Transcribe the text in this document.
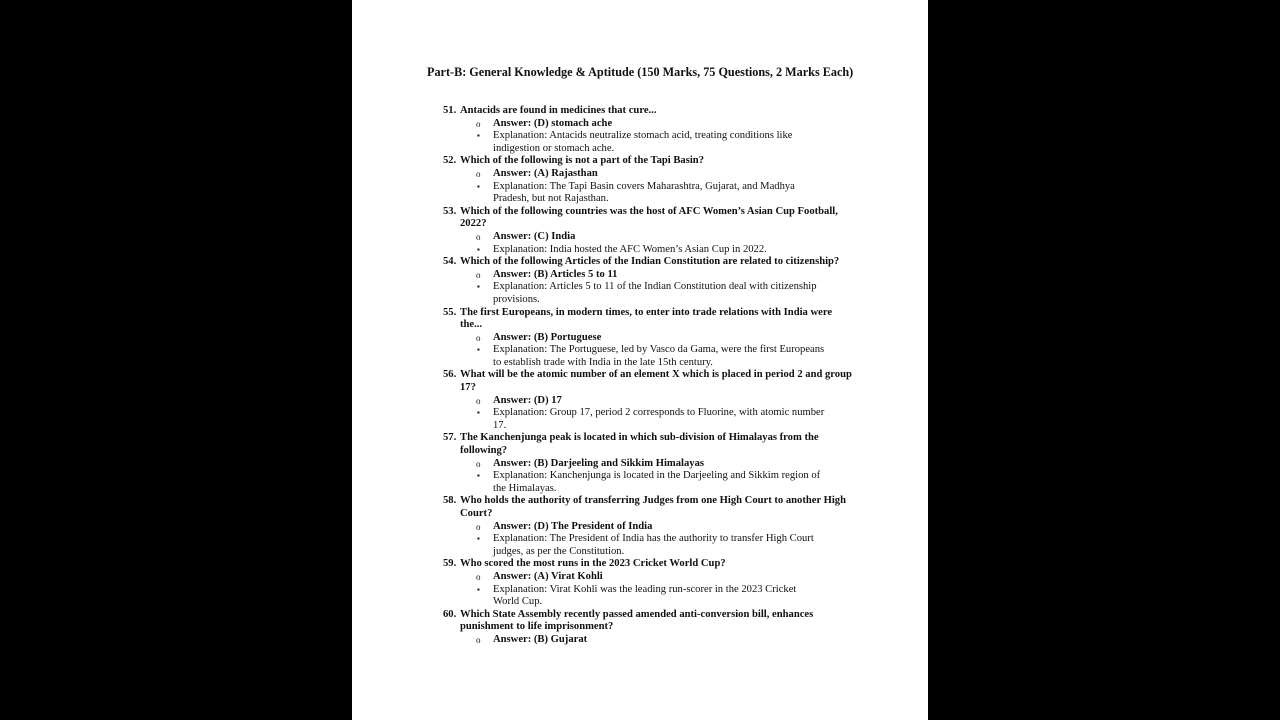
Part-B: General Knowledge & Aptitude (150 Marks, 75 Questions, 2 Marks Each)
51. Antacids are found in medicines that cure...
o Answer: (D) stomach ache
▪ Explanation: Antacids neutralize stomach acid, treating conditions like indigestion or stomach ache.
52. Which of the following is not a part of the Tapi Basin?
o Answer: (A) Rajasthan
▪ Explanation: The Tapi Basin covers Maharashtra, Gujarat, and Madhya Pradesh, but not Rajasthan.
53. Which of the following countries was the host of AFC Women’s Asian Cup Football, 2022?
o Answer: (C) India
▪ Explanation: India hosted the AFC Women’s Asian Cup in 2022.
54. Which of the following Articles of the Indian Constitution are related to citizenship?
o Answer: (B) Articles 5 to 11
▪ Explanation: Articles 5 to 11 of the Indian Constitution deal with citizenship provisions.
55. The first Europeans, in modern times, to enter into trade relations with India were the...
o Answer: (B) Portuguese
▪ Explanation: The Portuguese, led by Vasco da Gama, were the first Europeans to establish trade with India in the late 15th century.
56. What will be the atomic number of an element X which is placed in period 2 and group 17?
o Answer: (D) 17
▪ Explanation: Group 17, period 2 corresponds to Fluorine, with atomic number 17.
57. The Kanchenjunga peak is located in which sub-division of Himalayas from the following?
o Answer: (B) Darjeeling and Sikkim Himalayas
▪ Explanation: Kanchenjunga is located in the Darjeeling and Sikkim region of the Himalayas.
58. Who holds the authority of transferring Judges from one High Court to another High Court?
o Answer: (D) The President of India
▪ Explanation: The President of India has the authority to transfer High Court judges, as per the Constitution.
59. Who scored the most runs in the 2023 Cricket World Cup?
o Answer: (A) Virat Kohli
▪ Explanation: Virat Kohli was the leading run-scorer in the 2023 Cricket World Cup.
60. Which State Assembly recently passed amended anti-conversion bill, enhances punishment to life imprisonment?
o Answer: (B) Gujarat
